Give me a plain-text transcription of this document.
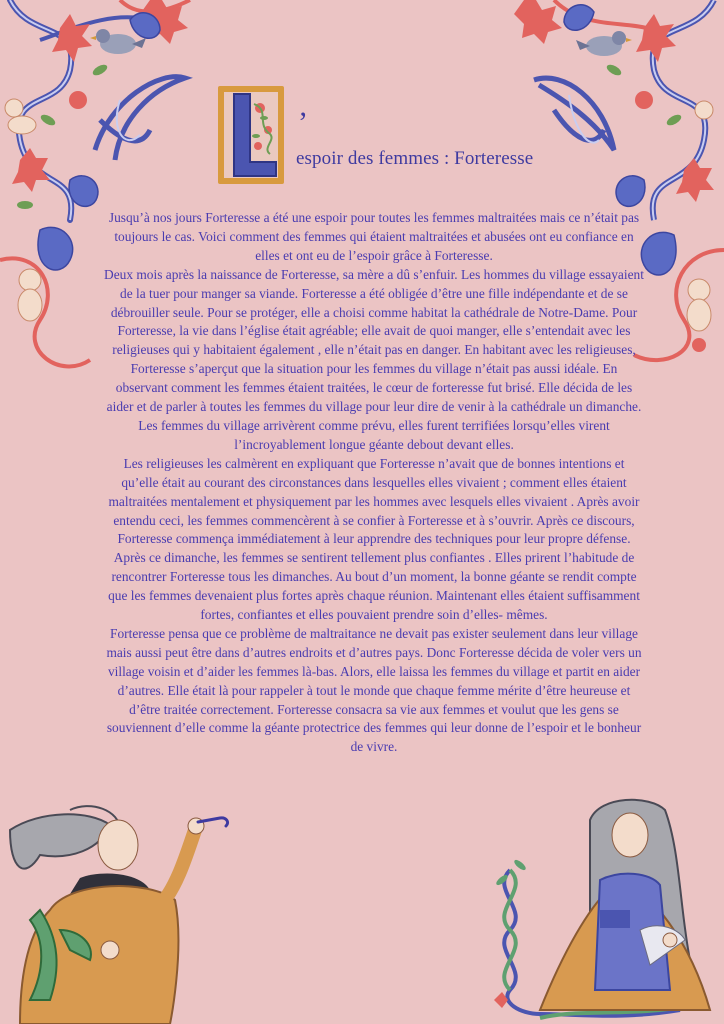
’
espoir des femmes : Forteresse

Jusqu’à nos jours Forteresse a été une espoir pour toutes les femmes maltraitées mais ce n’était pas toujours le cas. Voici comment des femmes qui étaient maltraitées et abusées ont eu confiance en elles et ont eu de l’espoir grâce à Forteresse.

Deux mois après la naissance de Forteresse, sa mère a dû s’enfuir. Les hommes du village essayaient de la tuer pour manger sa viande. Forteresse a été obligée d’être une fille indépendante et de se débrouiller seule. Pour se protéger, elle a choisi comme habitat la cathédrale de Notre-Dame. Pour Forteresse, la vie dans l’église était agréable; elle avait de quoi manger, elle s’entendait avec les religieuses qui y habitaient également , elle n’était pas en danger. En habitant avec les religieuses, Forteresse s’aperçut que la situation pour les femmes du village n’était pas aussi idéale. En observant comment les femmes étaient traitées, le cœur de forteresse fut brisé. Elle décida de les aider et de parler à toutes les femmes du village pour leur dire de venir à la cathédrale un dimanche. Les femmes du village arrivèrent comme prévu, elles furent terrifiées lorsqu’elles virent l’incroyablement longue géante debout devant elles.

Les religieuses les calmèrent en expliquant que Forteresse n’avait que de bonnes intentions et qu’elle était au courant des circonstances dans lesquelles elles vivaient ; comment elles étaient maltraitées mentalement et physiquement par les hommes avec lesquels elles vivaient . Après avoir entendu ceci, les femmes commencèrent à se confier à Forteresse et à s’ouvrir. Après ce discours, Forteresse commença immédiatement à leur apprendre des techniques pour leur propre défense.

Après ce dimanche, les femmes se sentirent tellement plus confiantes . Elles prirent l’habitude de rencontrer Forteresse tous les dimanches. Au bout d’un moment, la bonne géante se rendit compte que les femmes devenaient plus fortes après chaque réunion. Maintenant elles étaient suffisamment fortes, confiantes et elles pouvaient prendre soin d’elles- mêmes.

Forteresse pensa que ce problème de maltraitance ne devait pas exister seulement dans leur village mais aussi peut être dans d’autres endroits et d’autres pays. Donc Forteresse décida de voler vers un village voisin et d’aider les femmes là-bas. Alors, elle laissa les femmes du village et partit en aider d’autres. Elle était là pour rappeler à tout le monde que chaque femme mérite d’être heureuse et d’être traitée correctement. Forteresse consacra sa vie aux femmes et voulut que les gens se souviennent d’elle comme la géante protectrice des femmes qui leur donne de l’espoir et le bonheur de vivre.
